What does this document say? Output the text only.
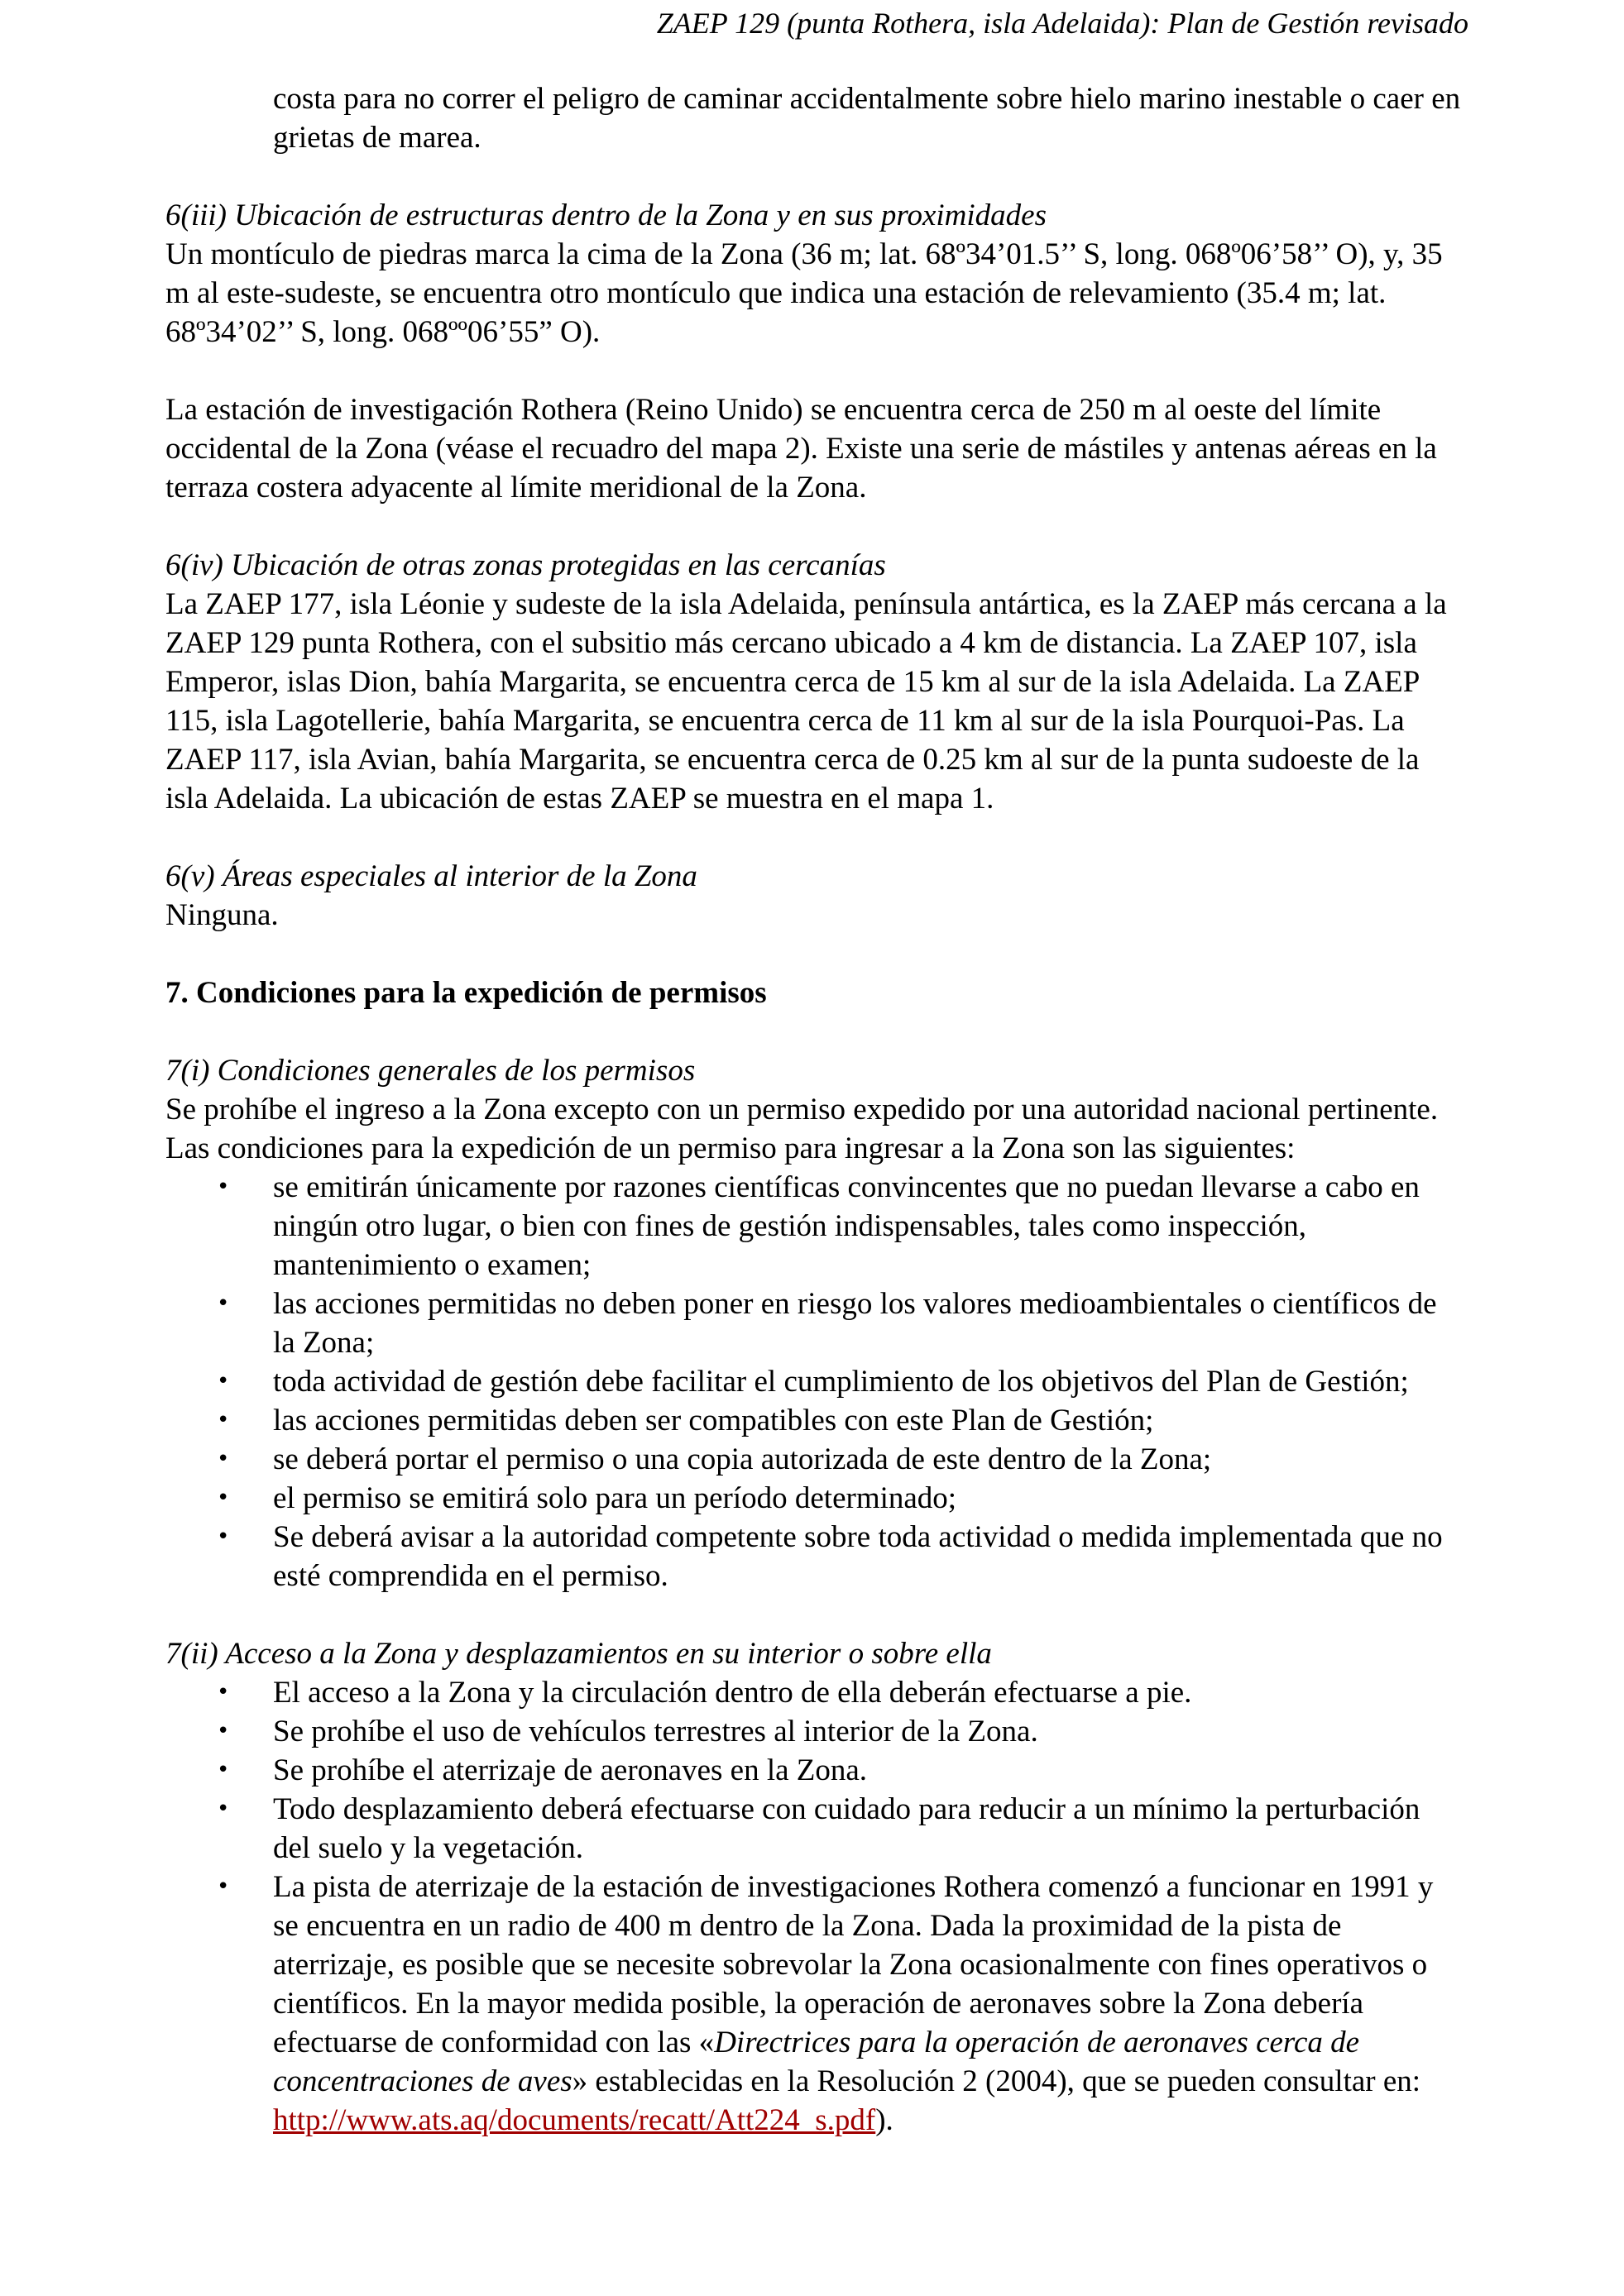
ZAEP 129 (punta Rothera, isla Adelaida): Plan de Gestión revisado

costa para no correr el peligro de caminar accidentalmente sobre hielo marino inestable o caer en grietas de marea.

6(iii) Ubicación de estructuras dentro de la Zona y en sus proximidades

Un montículo de piedras marca la cima de la Zona (36 m; lat. 68º34’01.5’’ S, long. 068º06’58’’ O), y, 35 m al este-sudeste, se encuentra otro montículo que indica una estación de relevamiento (35.4 m; lat. 68º34’02’’ S, long. 068ºº06’55” O).

La estación de investigación Rothera (Reino Unido) se encuentra cerca de 250 m al oeste del límite occidental de la Zona (véase el recuadro del mapa 2). Existe una serie de mástiles y antenas aéreas en la terraza costera adyacente al límite meridional de la Zona.

6(iv) Ubicación de otras zonas protegidas en las cercanías

La ZAEP 177, isla Léonie y sudeste de la isla Adelaida, península antártica, es la ZAEP más cercana a la ZAEP 129 punta Rothera, con el subsitio más cercano ubicado a 4 km de distancia. La ZAEP 107, isla Emperor, islas Dion, bahía Margarita, se encuentra cerca de 15 km al sur de la isla Adelaida. La ZAEP 115, isla Lagotellerie, bahía Margarita, se encuentra cerca de 11 km al sur de la isla Pourquoi-Pas. La ZAEP 117, isla Avian, bahía Margarita, se encuentra cerca de 0.25 km al sur de la punta sudoeste de la isla Adelaida. La ubicación de estas ZAEP se muestra en el mapa 1.

6(v) Áreas especiales al interior de la Zona

Ninguna.

7. Condiciones para la expedición de permisos

7(i) Condiciones generales de los permisos

Se prohíbe el ingreso a la Zona excepto con un permiso expedido por una autoridad nacional pertinente. Las condiciones para la expedición de un permiso para ingresar a la Zona son las siguientes:

• se emitirán únicamente por razones científicas convincentes que no puedan llevarse a cabo en ningún otro lugar, o bien con fines de gestión indispensables, tales como inspección, mantenimiento o examen;
• las acciones permitidas no deben poner en riesgo los valores medioambientales o científicos de la Zona;
• toda actividad de gestión debe facilitar el cumplimiento de los objetivos del Plan de Gestión;
• las acciones permitidas deben ser compatibles con este Plan de Gestión;
• se deberá portar el permiso o una copia autorizada de este dentro de la Zona;
• el permiso se emitirá solo para un período determinado;
• Se deberá avisar a la autoridad competente sobre toda actividad o medida implementada que no esté comprendida en el permiso.

7(ii) Acceso a la Zona y desplazamientos en su interior o sobre ella

• El acceso a la Zona y la circulación dentro de ella deberán efectuarse a pie.
• Se prohíbe el uso de vehículos terrestres al interior de la Zona.
• Se prohíbe el aterrizaje de aeronaves en la Zona.
• Todo desplazamiento deberá efectuarse con cuidado para reducir a un mínimo la perturbación del suelo y la vegetación.
• La pista de aterrizaje de la estación de investigaciones Rothera comenzó a funcionar en 1991 y se encuentra en un radio de 400 m dentro de la Zona. Dada la proximidad de la pista de aterrizaje, es posible que se necesite sobrevolar la Zona ocasionalmente con fines operativos o científicos. En la mayor medida posible, la operación de aeronaves sobre la Zona debería efectuarse de conformidad con las «Directrices para la operación de aeronaves cerca de concentraciones de aves» establecidas en la Resolución 2 (2004), que se pueden consultar en: http://www.ats.aq/documents/recatt/Att224_s.pdf).
